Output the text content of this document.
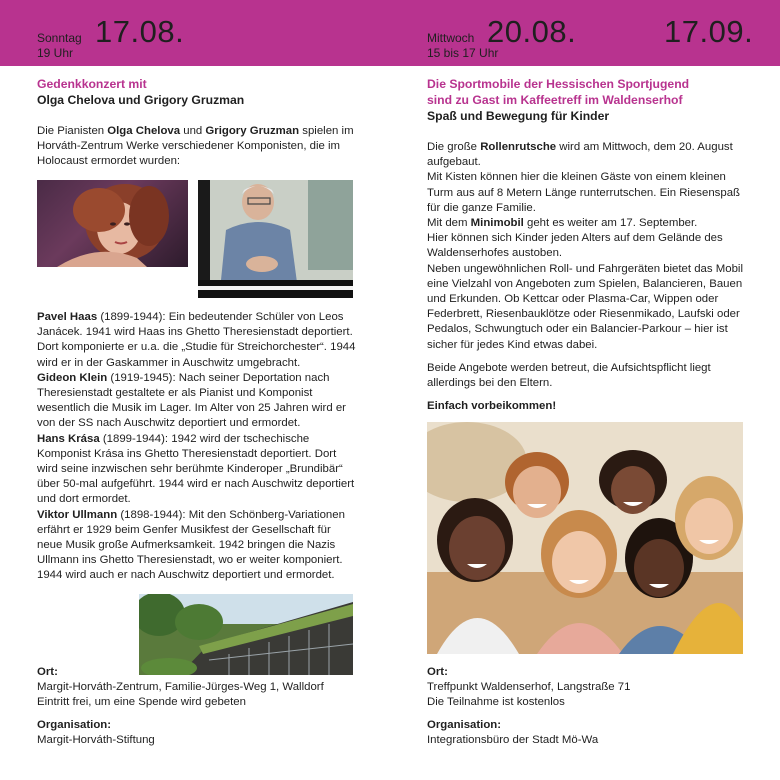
Sonntag
19 Uhr
17.08.	Mittwoch
15 bis 17 Uhr
20.08.	17.09.
Gedenkkonzert mit
Olga Chelova und Grigory Gruzman

Die Pianisten Olga Chelova und Grigory Gruzman spielen im Horváth-Zentrum Werke verschiedener Komponisten, die im Holocaust ermordet wurden:

Pavel Haas (1899-1944): Ein bedeutender Schüler von Leos Janácek. 1941 wird Haas ins Ghetto Theresienstadt deportiert. Dort komponierte er u.a. die „Studie für Streichorchester“. 1944 wird er in der Gaskammer in Auschwitz umgebracht.

Gideon Klein (1919-1945): Nach seiner Deportation nach Theresienstadt gestaltete er als Pianist und Komponist wesentlich die Musik im Lager. Im Alter von 25 Jahren wird er von der SS nach Auschwitz deportiert und ermordet.

Hans Krása (1899-1944): 1942 wird der tschechische Komponist Krása ins Ghetto Theresienstadt deportiert. Dort wird seine inzwischen sehr berühmte Kinderoper „Brundibär“ über 50-mal aufgeführt. 1944 wird er nach Auschwitz deportiert und dort ermordet.

Viktor Ullmann (1898-1944): Mit den Schönberg-Variationen erfährt er 1929 beim Genfer Musikfest der Gesellschaft für neue Musik große Aufmerksamkeit. 1942 bringen die Nazis Ullmann ins Ghetto Theresienstadt, wo er weiter komponiert. 1944 wird auch er nach Auschwitz deportiert und ermordet.

Ort:
Margit-Horváth-Zentrum, Familie-Jürges-Weg 1, Walldorf
Eintritt frei, um eine Spende wird gebeten
Organisation:
Margit-Horváth-Stiftung
Die Sportmobile der Hessischen Sportjugend
sind zu Gast im Kaffeetreff im Waldenserhof
Spaß und Bewegung für Kinder

Die große Rollenrutsche wird am Mittwoch, dem 20. August aufgebaut.
Mit Kisten können hier die kleinen Gäste von einem kleinen Turm aus auf 8 Metern Länge runterrutschen. Ein Riesenspaß für die ganze Familie.
Mit dem Minimobil geht es weiter am 17. September.
Hier können sich Kinder jeden Alters auf dem Gelände des Waldenserhofes austoben.
Neben ungewöhnlichen Roll- und Fahrgeräten bietet das Mobil eine Vielzahl von Angeboten zum Spielen, Balancieren, Bauen und Erkunden. Ob Kettcar oder Plasma-Car, Wippen oder Federbrett, Riesenbauklötze oder Riesenmikado, Laufski oder Pedalos, Schwungtuch oder ein Balancier-Parkour – hier ist sicher für jedes Kind etwas dabei.

Beide Angebote werden betreut, die Aufsichtspflicht liegt allerdings bei den Eltern.

Einfach vorbeikommen!

Ort:
Treffpunkt Waldenserhof, Langstraße 71
Die Teilnahme ist kostenlos
Organisation:
Integrationsbüro der Stadt Mö-Wa
